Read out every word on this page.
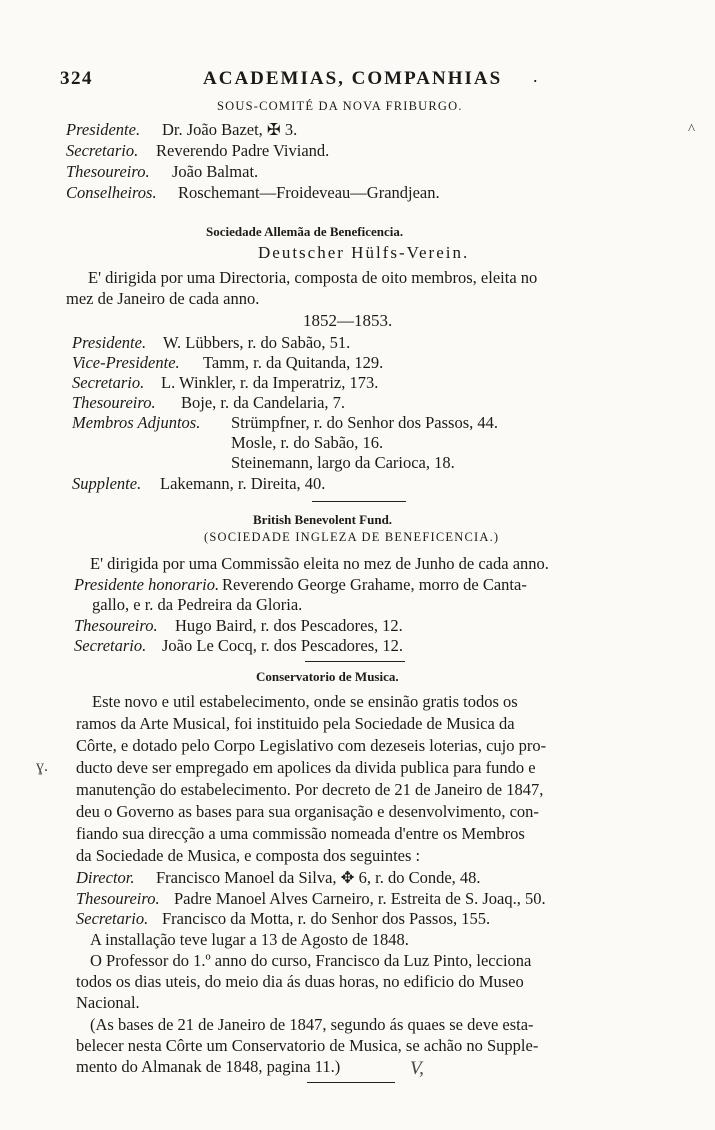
324	ACADEMIAS, COMPANHIAS .
^
SOUS-COMITÉ DA NOVA FRIBURGO.
Presidente. Dr. João Bazet, ✠ 3.
Secretario. Reverendo Padre Viviand.
Thesoureiro. João Balmat.
Conselheiros. Roschemant—Froideveau—Grandjean.
Sociedade Allemãa de Beneficencia.
Deutscher Hülfs-Verein.
E' dirigida por uma Directoria, composta de oito membros, eleita no
mez de Janeiro de cada anno.
1852—1853.
Presidente. W. Lübbers, r. do Sabão, 51.
Vice-Presidente. Tamm, r. da Quitanda, 129.
Secretario. L. Winkler, r. da Imperatriz, 173.
Thesoureiro. Boje, r. da Candelaria, 7.
Membros Adjuntos. Strümpfner, r. do Senhor dos Passos, 44.
Mosle, r. do Sabão, 16.
Steinemann, largo da Carioca, 18.
Supplente. Lakemann, r. Direita, 40.
British Benevolent Fund.
(SOCIEDADE INGLEZA DE BENEFICENCIA.)
E' dirigida por uma Commissão eleita no mez de Junho de cada anno.
Presidente honorario. Reverendo George Grahame, morro de Canta-
gallo, e r. da Pedreira da Gloria.
Thesoureiro. Hugo Baird, r. dos Pescadores, 12.
Secretario. João Le Cocq, r. dos Pescadores, 12.
Conservatorio de Musica.
Este novo e util estabelecimento, onde se ensinão gratis todos os
ramos da Arte Musical, foi instituido pela Sociedade de Musica da
Côrte, e dotado pelo Corpo Legislativo com dezeseis loterias, cujo pro-
ɣ. ducto deve ser empregado em apolices da divida publica para fundo e
manutenção do estabelecimento. Por decreto de 21 de Janeiro de 1847,
deu o Governo as bases para sua organisação e desenvolvimento, con-
fiando sua direcção a uma commissão nomeada d'entre os Membros
da Sociedade de Musica, e composta dos seguintes :
Director. Francisco Manoel da Silva, ✥ 6, r. do Conde, 48.
Thesoureiro. Padre Manoel Alves Carneiro, r. Estreita de S. Joaq., 50.
Secretario. Francisco da Motta, r. do Senhor dos Passos, 155.
A installação teve lugar a 13 de Agosto de 1848.
O Professor do 1.º anno do curso, Francisco da Luz Pinto, lecciona
todos os dias uteis, do meio dia ás duas horas, no edificio do Museo
Nacional.
(As bases de 21 de Janeiro de 1847, segundo ás quaes se deve esta-
belecer nesta Côrte um Conservatorio de Musica, se achão no Supple-
mento do Almanak de 1848, pagina 11.)	V,
